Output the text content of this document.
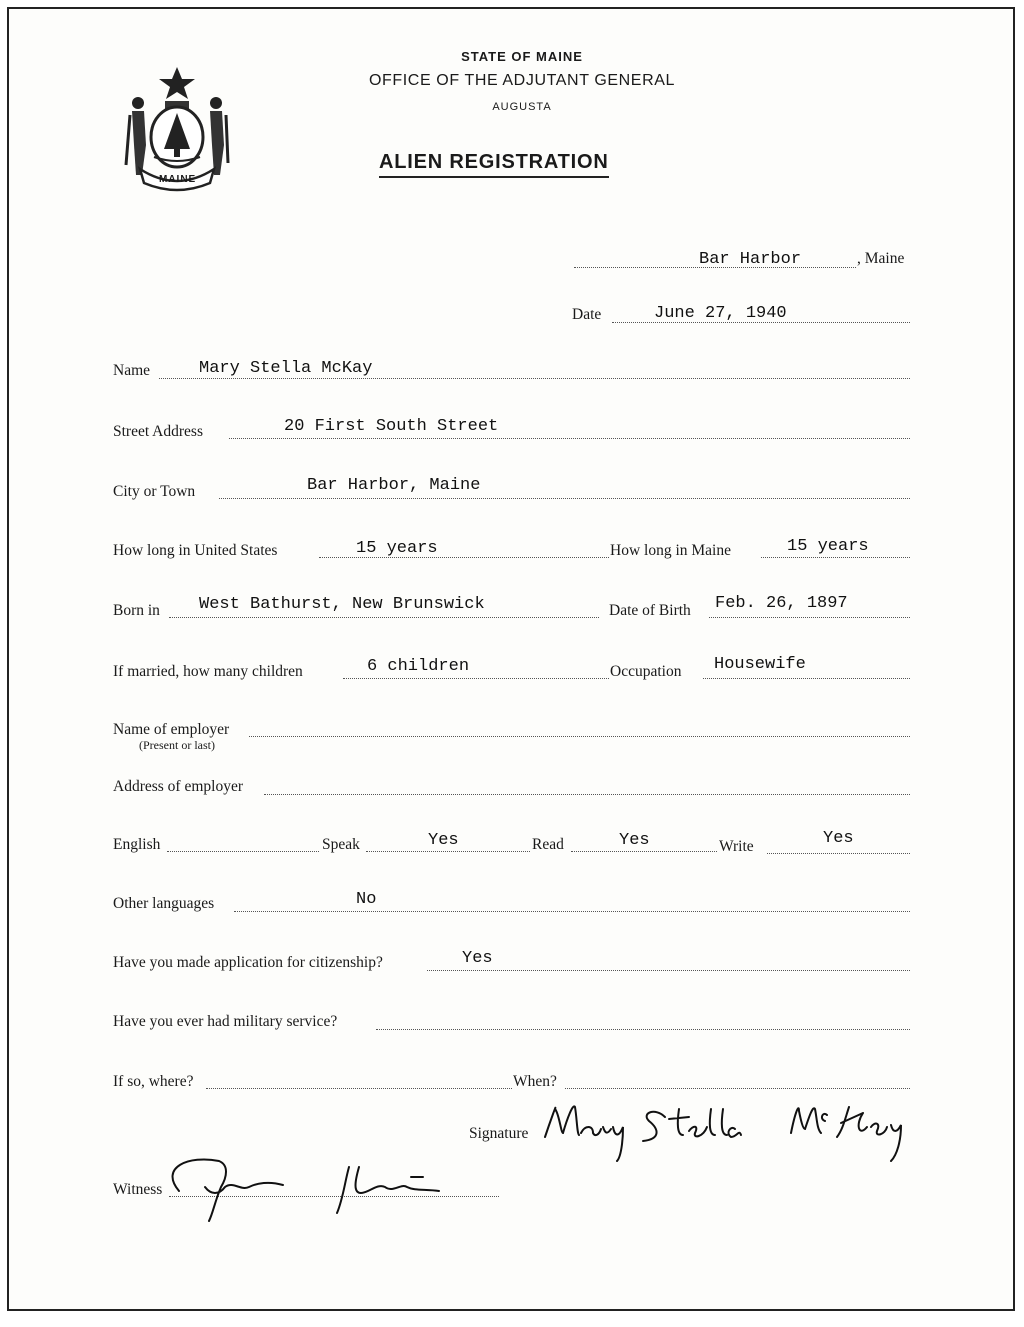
MAINE
STATE OF MAINE
OFFICE OF THE ADJUTANT GENERAL
AUGUSTA
ALIEN REGISTRATION
Bar Harbor	, Maine
Date	June 27, 1940
Name	Mary Stella McKay
Street Address	20 First South Street
City or Town	Bar Harbor, Maine
How long in United States	15 years	How long in Maine	15 years
Born in West Bathurst, New Brunswick	Date of Birth Feb. 26, 1897
If married, how many children	6 children	Occupation Housewife
Name of employer
(Present or last)
Address of employer
English	Speak	Yes	Read	Yes	Write	Yes
Other languages	No
Have you made application for citizenship?	Yes
Have you ever had military service?
If so, where?	When?
Signature
Witness
